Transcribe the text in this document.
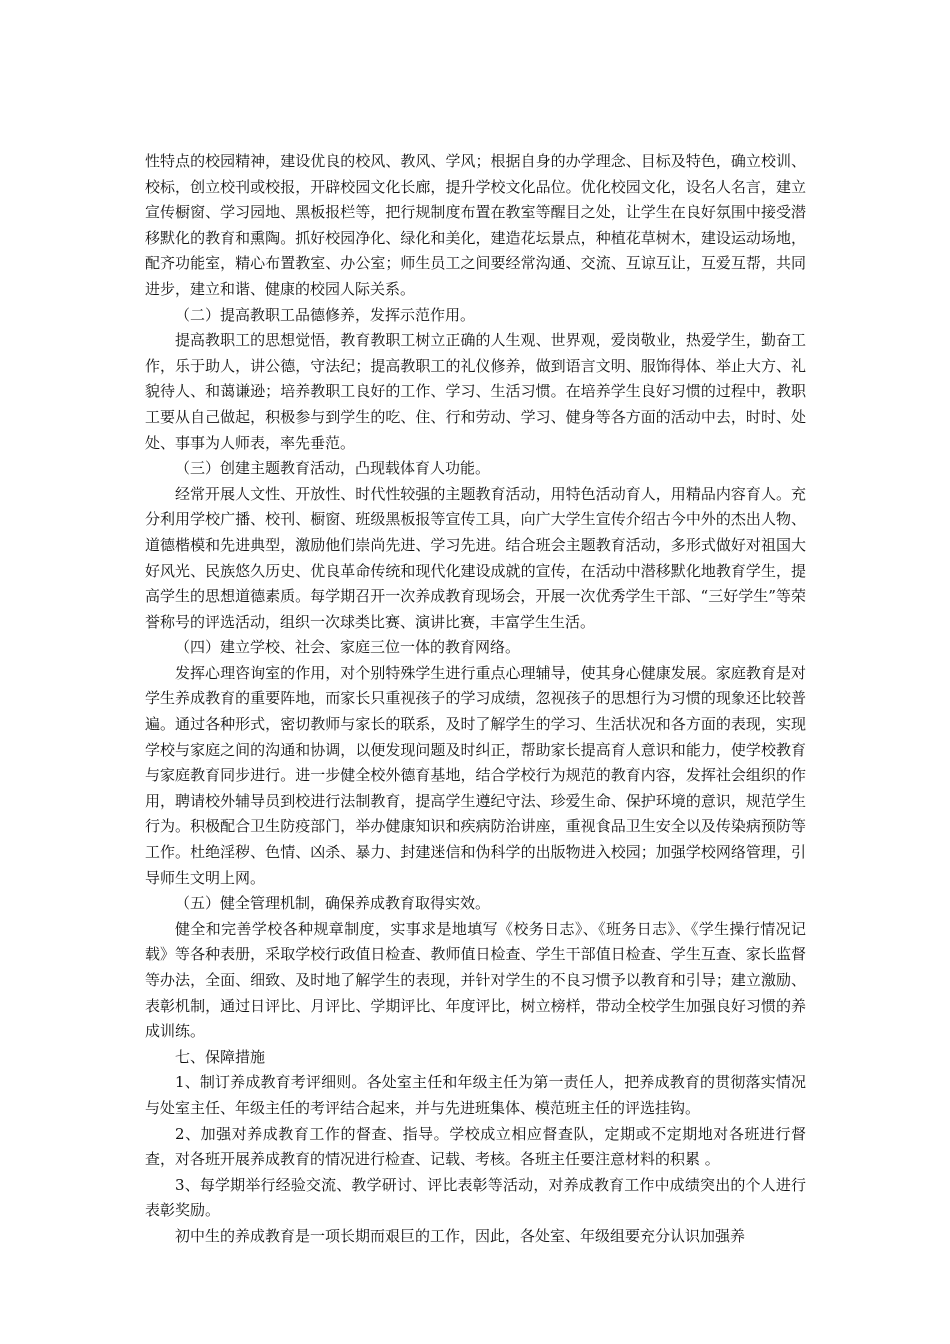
性特点的校园精神，建设优良的校风、教风、学风；根据自身的办学理念、目标及特色，确立校训、校标，创立校刊或校报，开辟校园文化长廊，提升学校文化品位。优化校园文化，设名人名言，建立宣传橱窗、学习园地、黑板报栏等，把行规制度布置在教室等醒目之处，让学生在良好氛围中接受潜移默化的教育和熏陶。抓好校园净化、绿化和美化，建造花坛景点，种植花草树木，建设运动场地，配齐功能室，精心布置教室、办公室；师生员工之间要经常沟通、交流、互谅互让，互爱互帮，共同进步，建立和谐、健康的校园人际关系。

（二）提高教职工品德修养，发挥示范作用。

提高教职工的思想觉悟，教育教职工树立正确的人生观、世界观，爱岗敬业，热爱学生，勤奋工作，乐于助人，讲公德，守法纪；提高教职工的礼仪修养，做到语言文明、服饰得体、举止大方、礼貌待人、和蔼谦逊；培养教职工良好的工作、学习、生活习惯。在培养学生良好习惯的过程中，教职工要从自己做起，积极参与到学生的吃、住、行和劳动、学习、健身等各方面的活动中去，时时、处处、事事为人师表，率先垂范。

（三）创建主题教育活动，凸现载体育人功能。

经常开展人文性、开放性、时代性较强的主题教育活动，用特色活动育人，用精品内容育人。充分利用学校广播、校刊、橱窗、班级黑板报等宣传工具，向广大学生宣传介绍古今中外的杰出人物、道德楷模和先进典型，激励他们崇尚先进、学习先进。结合班会主题教育活动，多形式做好对祖国大好风光、民族悠久历史、优良革命传统和现代化建设成就的宣传，在活动中潜移默化地教育学生，提高学生的思想道德素质。每学期召开一次养成教育现场会，开展一次优秀学生干部、“三好学生”等荣誉称号的评选活动，组织一次球类比赛、演讲比赛，丰富学生生活。

（四）建立学校、社会、家庭三位一体的教育网络。

发挥心理咨询室的作用，对个别特殊学生进行重点心理辅导，使其身心健康发展。家庭教育是对学生养成教育的重要阵地，而家长只重视孩子的学习成绩，忽视孩子的思想行为习惯的现象还比较普遍。通过各种形式，密切教师与家长的联系，及时了解学生的学习、生活状况和各方面的表现，实现学校与家庭之间的沟通和协调，以便发现问题及时纠正，帮助家长提高育人意识和能力，使学校教育与家庭教育同步进行。进一步健全校外德育基地，结合学校行为规范的教育内容，发挥社会组织的作用，聘请校外辅导员到校进行法制教育，提高学生遵纪守法、珍爱生命、保护环境的意识，规范学生行为。积极配合卫生防疫部门，举办健康知识和疾病防治讲座，重视食品卫生安全以及传染病预防等工作。杜绝淫秽、色情、凶杀、暴力、封建迷信和伪科学的出版物进入校园；加强学校网络管理，引导师生文明上网。

（五）健全管理机制，确保养成教育取得实效。

健全和完善学校各种规章制度，实事求是地填写《校务日志》、《班务日志》、《学生操行情况记载》等各种表册，采取学校行政值日检查、教师值日检查、学生干部值日检查、学生互查、家长监督等办法，全面、细致、及时地了解学生的表现，并针对学生的不良习惯予以教育和引导；建立激励、表彰机制，通过日评比、月评比、学期评比、年度评比，树立榜样，带动全校学生加强良好习惯的养成训练。

七、保障措施

1、制订养成教育考评细则。各处室主任和年级主任为第一责任人，把养成教育的贯彻落实情况与处室主任、年级主任的考评结合起来，并与先进班集体、模范班主任的评选挂钩。

2、加强对养成教育工作的督查、指导。学校成立相应督查队，定期或不定期地对各班进行督查，对各班开展养成教育的情况进行检查、记载、考核。各班主任要注意材料的积累 。

3、每学期举行经验交流、教学研讨、评比表彰等活动，对养成教育工作中成绩突出的个人进行表彰奖励。

初中生的养成教育是一项长期而艰巨的工作，因此，各处室、年级组要充分认识加强养
